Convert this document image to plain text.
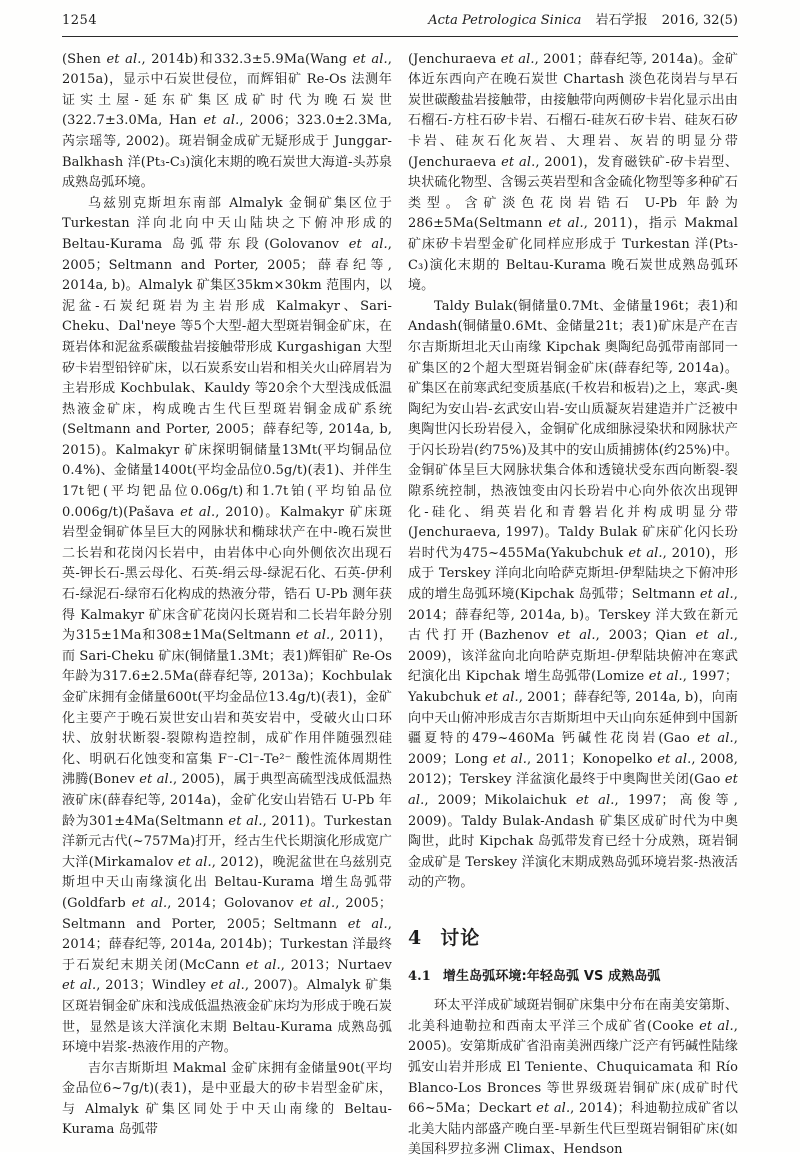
1254	Acta Petrologica Sinica 岩石学报 2016, 32(5)

(Shen et al., 2014b)和332.3±5.9Ma(Wang et al., 2015a)，显示中石炭世侵位，而辉钼矿 Re-Os 法测年证实土屋-延东矿集区成矿时代为晚石炭世(322.7±3.0Ma, Han et al., 2006；323.0±2.3Ma, 芮宗瑶等, 2002)。斑岩铜金成矿无疑形成于 Junggar-Balkhash 洋(Pt₃-C₃)演化末期的晚石炭世大海道-头苏泉成熟岛弧环境。

乌兹别克斯坦东南部 Almalyk 金铜矿集区位于 Turkestan 洋向北向中天山陆块之下俯冲形成的 Beltau-Kurama 岛弧带东段(Golovanov et al., 2005；Seltmann and Porter, 2005；薛春纪等, 2014a, b)。Almalyk 矿集区35km×30km 范围内，以泥盆-石炭纪斑岩为主岩形成 Kalmakyr、Sari-Cheku、Dal'neye 等5个大型-超大型斑岩铜金矿床，在斑岩体和泥盆系碳酸盐岩接触带形成 Kurgashigan 大型矽卡岩型铅锌矿床，以石炭系安山岩和相关火山碎屑岩为主岩形成 Kochbulak、Kauldy 等20余个大型浅成低温热液金矿床，构成晚古生代巨型斑岩铜金成矿系统(Seltmann and Porter, 2005；薛春纪等, 2014a, b, 2015)。Kalmakyr 矿床探明铜储量13Mt(平均铜品位0.4%)、金储量1400t(平均金品位0.5g/t)(表1)、并伴生17t钯(平均钯品位0.06g/t)和1.7t铂(平均铂品位0.006g/t)(Pašava et al., 2010)。Kalmakyr 矿床斑岩型金铜矿体呈巨大的网脉状和椭球状产在中-晚石炭世二长岩和花岗闪长岩中，由岩体中心向外侧依次出现石英-钾长石-黑云母化、石英-绢云母-绿泥石化、石英-伊利石-绿泥石-绿帘石化构成的热液分带，锆石 U-Pb 测年获得 Kalmakyr 矿床含矿花岗闪长斑岩和二长岩年龄分别为315±1Ma和308±1Ma(Seltmann et al., 2011)，而 Sari-Cheku 矿床(铜储量1.3Mt；表1)辉钼矿 Re-Os 年龄为317.6±2.5Ma(薛春纪等, 2013a)；Kochbulak 金矿床拥有金储量600t(平均金品位13.4g/t)(表1)，金矿化主要产于晚石炭世安山岩和英安岩中，受破火山口环状、放射状断裂-裂隙构造控制，成矿作用伴随强烈硅化、明矾石化蚀变和富集 F⁻-Cl⁻-Te²⁻ 酸性流体周期性沸腾(Bonev et al., 2005)，属于典型高硫型浅成低温热液矿床(薛春纪等, 2014a)，金矿化安山岩锆石 U-Pb 年龄为301±4Ma(Seltmann et al., 2011)。Turkestan 洋新元古代(~757Ma)打开，经古生代长期演化形成宽广大洋(Mirkamalov et al., 2012)，晚泥盆世在乌兹别克斯坦中天山南缘演化出 Beltau-Kurama 增生岛弧带(Goldfarb et al., 2014；Golovanov et al., 2005；Seltmann and Porter, 2005；Seltmann et al., 2014；薛春纪等, 2014a, 2014b)；Turkestan 洋最终于石炭纪末期关闭(McCann et al., 2013；Nurtaev et al., 2013；Windley et al., 2007)。Almalyk 矿集区斑岩铜金矿床和浅成低温热液金矿床均为形成于晚石炭世，显然是该大洋演化末期 Beltau-Kurama 成熟岛弧环境中岩浆-热液作用的产物。

吉尔吉斯斯坦 Makmal 金矿床拥有金储量90t(平均金品位6~7g/t)(表1)，是中亚最大的矽卡岩型金矿床，与 Almalyk 矿集区同处于中天山南缘的 Beltau-Kurama 岛弧带

(Jenchuraeva et al., 2001；薛春纪等, 2014a)。金矿体近东西向产在晚石炭世 Chartash 淡色花岗岩与早石炭世碳酸盐岩接触带，由接触带向两侧矽卡岩化显示出由石榴石-方柱石矽卡岩、石榴石-硅灰石矽卡岩、硅灰石矽卡岩、硅灰石化灰岩、大理岩、灰岩的明显分带(Jenchuraeva et al., 2001)，发育磁铁矿-矽卡岩型、块状硫化物型、含锡云英岩型和含金硫化物型等多种矿石类型。含矿淡色花岗岩锆石 U-Pb 年龄为286±5Ma(Seltmann et al., 2011)，指示 Makmal 矿床矽卡岩型金矿化同样应形成于 Turkestan 洋(Pt₃-C₃)演化末期的 Beltau-Kurama 晚石炭世成熟岛弧环境。

Taldy Bulak(铜储量0.7Mt、金储量196t；表1)和 Andash(铜储量0.6Mt、金储量21t；表1)矿床是产在吉尔吉斯斯坦北天山南缘 Kipchak 奥陶纪岛弧带南部同一矿集区的2个超大型斑岩铜金矿床(薛春纪等, 2014a)。矿集区在前寒武纪变质基底(千枚岩和板岩)之上，寒武-奥陶纪为安山岩-玄武安山岩-安山质凝灰岩建造并广泛被中奥陶世闪长玢岩侵入，金铜矿化成细脉浸染状和网脉状产于闪长玢岩(约75%)及其中的安山质捕掳体(约25%)中。金铜矿体呈巨大网脉状集合体和透镜状受东西向断裂-裂隙系统控制，热液蚀变由闪长玢岩中心向外依次出现钾化-硅化、绢英岩化和青磐岩化并构成明显分带(Jenchuraeva, 1997)。Taldy Bulak 矿床矿化闪长玢岩时代为475~455Ma(Yakubchuk et al., 2010)，形成于 Terskey 洋向北向哈萨克斯坦-伊犁陆块之下俯冲形成的增生岛弧环境(Kipchak 岛弧带；Seltmann et al., 2014；薛春纪等, 2014a, b)。Terskey 洋大致在新元古代打开(Bazhenov et al., 2003；Qian et al., 2009)，该洋盆向北向哈萨克斯坦-伊犁陆块俯冲在寒武纪演化出 Kipchak 增生岛弧带(Lomize et al., 1997；Yakubchuk et al., 2001；薛春纪等, 2014a, b)，向南向中天山俯冲形成吉尔吉斯斯坦中天山向东延伸到中国新疆夏特的479~460Ma 钙碱性花岗岩(Gao et al., 2009；Long et al., 2011；Konopelko et al., 2008, 2012)；Terskey 洋盆演化最终于中奥陶世关闭(Gao et al., 2009；Mikolaichuk et al., 1997；高俊等, 2009)。Taldy Bulak-Andash 矿集区成矿时代为中奥陶世，此时 Kipchak 岛弧带发育已经十分成熟，斑岩铜金成矿是 Terskey 洋演化末期成熟岛弧环境岩浆-热液活动的产物。

4 讨论
4.1 增生岛弧环境:年轻岛弧 VS 成熟岛弧

环太平洋成矿域斑岩铜矿床集中分布在南美安第斯、北美科迪勒拉和西南太平洋三个成矿省(Cooke et al., 2005)。安第斯成矿省沿南美洲西缘广泛产有钙碱性陆缘弧安山岩并形成 El Teniente、Chuquicamata 和 Río Blanco-Los Bronces 等世界级斑岩铜矿床(成矿时代66~5Ma；Deckart et al., 2014)；科迪勒拉成矿省以北美大陆内部盛产晚白垩-早新生代巨型斑岩铜钼矿床(如美国科罗拉多洲 Climax、Hendson
